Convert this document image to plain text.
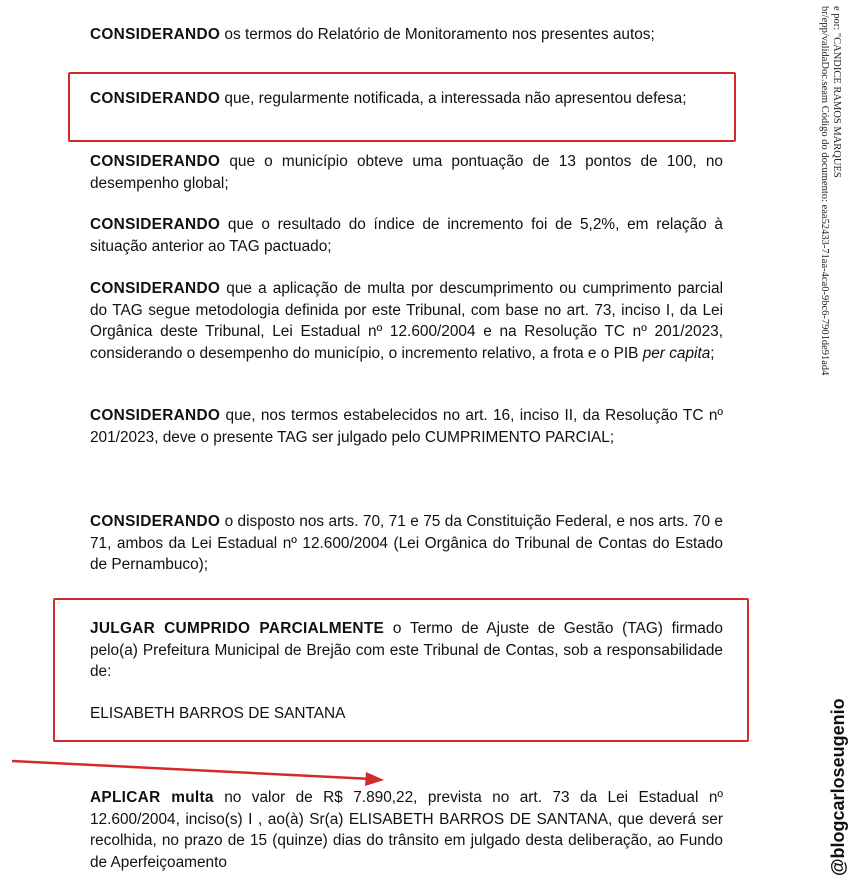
CONSIDERANDO os termos do Relatório de Monitoramento nos presentes autos;

CONSIDERANDO que, regularmente notificada, a interessada não apresentou defesa;

CONSIDERANDO que o município obteve uma pontuação de 13 pontos de 100, no desempenho global;

CONSIDERANDO que o resultado do índice de incremento foi de 5,2%, em relação à situação anterior ao TAG pactuado;

CONSIDERANDO que a aplicação de multa por descumprimento ou cumprimento parcial do TAG segue metodologia definida por este Tribunal, com base no art. 73, inciso I, da Lei Orgânica deste Tribunal, Lei Estadual nº 12.600/2004 e na Resolução TC nº 201/2023, considerando o desempenho do município, o incremento relativo, a frota e o PIB per capita;

CONSIDERANDO que, nos termos estabelecidos no art. 16, inciso II, da Resolução TC nº 201/2023, deve o presente TAG ser julgado pelo CUMPRIMENTO PARCIAL;

CONSIDERANDO o disposto nos arts. 70, 71 e 75 da Constituição Federal, e nos arts. 70 e 71, ambos da Lei Estadual nº 12.600/2004 (Lei Orgânica do Tribunal de Contas do Estado de Pernambuco);

JULGAR CUMPRIDO PARCIALMENTE o Termo de Ajuste de Gestão (TAG) firmado pelo(a) Prefeitura Municipal de Brejão com este Tribunal de Contas, sob a responsabilidade de:

ELISABETH BARROS DE SANTANA

APLICAR multa no valor de R$ 7.890,22, prevista no art. 73 da Lei Estadual nº 12.600/2004, inciso(s) I , ao(à) Sr(a) ELISABETH BARROS DE SANTANA, que deverá ser recolhida, no prazo de 15 (quinze) dias do trânsito em julgado desta deliberação, ao Fundo de Aperfeiçoamento

e por: "CANDICE RAMOS MARQUES
br/epp/validaDoc.seam Código do documento: eaa52433-71aa-4ca0-9bc6-7901de91ad4
@blogcarloseugenio
